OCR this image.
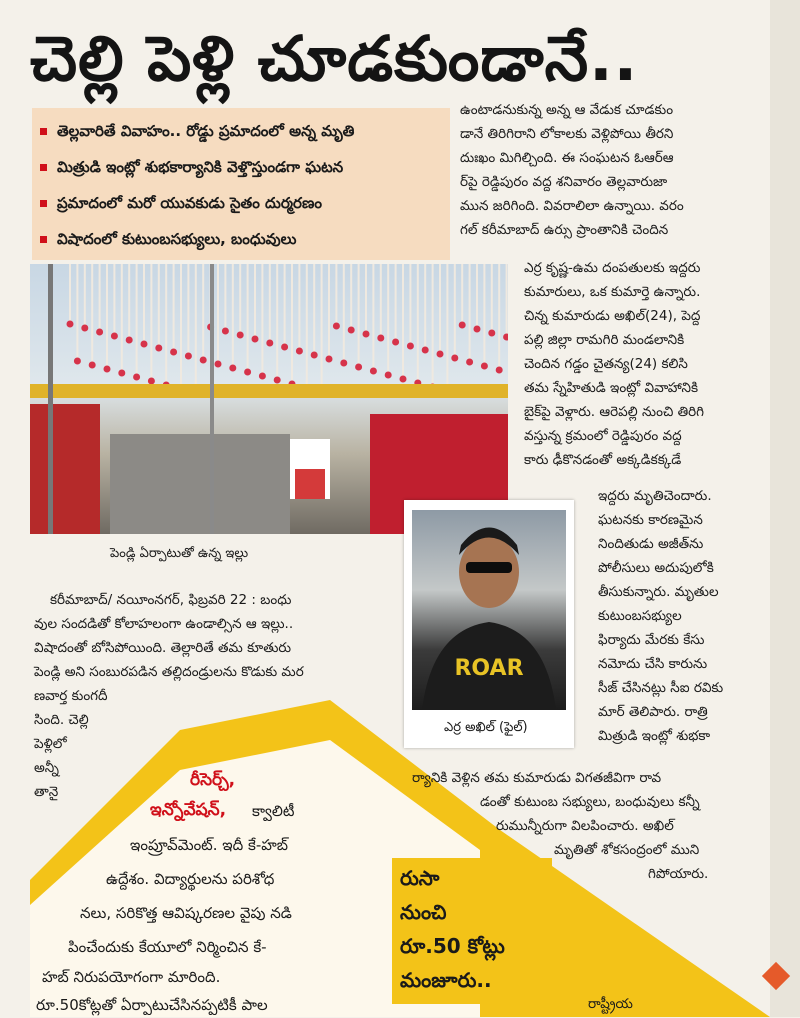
చెల్లి పెళ్లి చూడకుండానే..
తెల్లవారితే వివాహం.. రోడ్డు ప్రమాదంలో అన్న మృతి
మిత్రుడి ఇంట్లో శుభకార్యానికి వెళ్తొస్తుండగా ఘటన
ప్రమాదంలో మరో యువకుడు సైతం దుర్మరణం
విషాదంలో కుటుంబసభ్యులు, బంధువులు
ఉంటాడనుకున్న అన్న ఆ వేడుక చూడకుం
డానే తిరిగిరాని లోకాలకు వెళ్లిపోయి తీరని
దుఃఖం మిగిల్చింది. ఈ సంఘటన ఓఆర్ఆ
ర్‌పై రెడ్డిపురం వద్ద శనివారం తెల్లవారుజా
మున జరిగింది. వివరాలిలా ఉన్నాయి. వరం
గల్ కరీమాబాద్ ఉర్సు ప్రాంతానికి చెందిన
పెండ్లి ఏర్పాటుతో ఉన్న ఇల్లు
ఎర్ర కృష్ణ-ఉమ దంపతులకు ఇద్దరు
కుమారులు, ఒక కుమార్తె ఉన్నారు.
చిన్న కుమారుడు అఖిల్(24), పెద్ద
పల్లి జిల్లా రామగిరి మండలానికి
చెందిన గడ్డం చైతన్య(24) కలిసి
తమ స్నేహితుడి ఇంట్లో వివాహానికి
బైక్‌పై వెళ్లారు. ఆరెపల్లి నుంచి తిరిగి
వస్తున్న క్రమంలో రెడ్డిపురం వద్ద
కారు ఢీకొనడంతో అక్కడికక్కడే
ఇద్దరు మృతిచెందారు.
ఘటనకు కారణమైన
నిందితుడు అజీత్‌ను
పోలీసులు అదుపులోకి
తీసుకున్నారు. మృతుల
కుటుంబసభ్యుల
ఫిర్యాదు మేరకు కేసు
నమోదు చేసి కారును
సీజ్ చేసినట్లు సీఐ రవికు
మార్ తెలిపారు. రాత్రి
మిత్రుడి ఇంట్లో శుభకా
ROAR
ఎర్ర అఖిల్ (ఫైల్)
కరీమాబాద్/ నయీంనగర్, ఫిబ్రవరి 22 : బంధు
వుల సందడితో కోలాహలంగా ఉండాల్సిన ఆ ఇల్లు..
విషాదంతో బోసిపోయింది. తెల్లారితే తమ కూతురు
పెండ్లి అని సంబురపడిన తల్లిదండ్రులను కొడుకు మర
ణవార్త కుంగదీ
సింది. చెల్లి
పెళ్లిలో
అన్నీ
తానై
రీసెర్చ్,
ఇన్నోవేషన్, క్వాలిటీ
ఇంప్రూవ్‌మెంట్. ఇదీ కే-హబ్
ఉద్దేశం. విద్యార్థులను పరిశోధ
నలు, సరికొత్త ఆవిష్కరణల వైపు నడి
పించేందుకు కేయూలో నిర్మించిన కే-
హబ్ నిరుపయోగంగా మారింది.
రూ.50కోట్లతో ఏర్పాటుచేసినప్పటికీ పాల
రుసా
నుంచి
రూ.50 కోట్లు
మంజూరు..
ర్యానికి వెళ్లిన తమ కుమారుడు విగతజీవిగా రావ
డంతో కుటుంబ సభ్యులు, బంధువులు కన్నీ
రుమున్నీరుగా విలపించారు. అఖిల్
మృతితో శోకసంద్రంలో ముని
గిపోయారు.
రాష్ట్రీయ
